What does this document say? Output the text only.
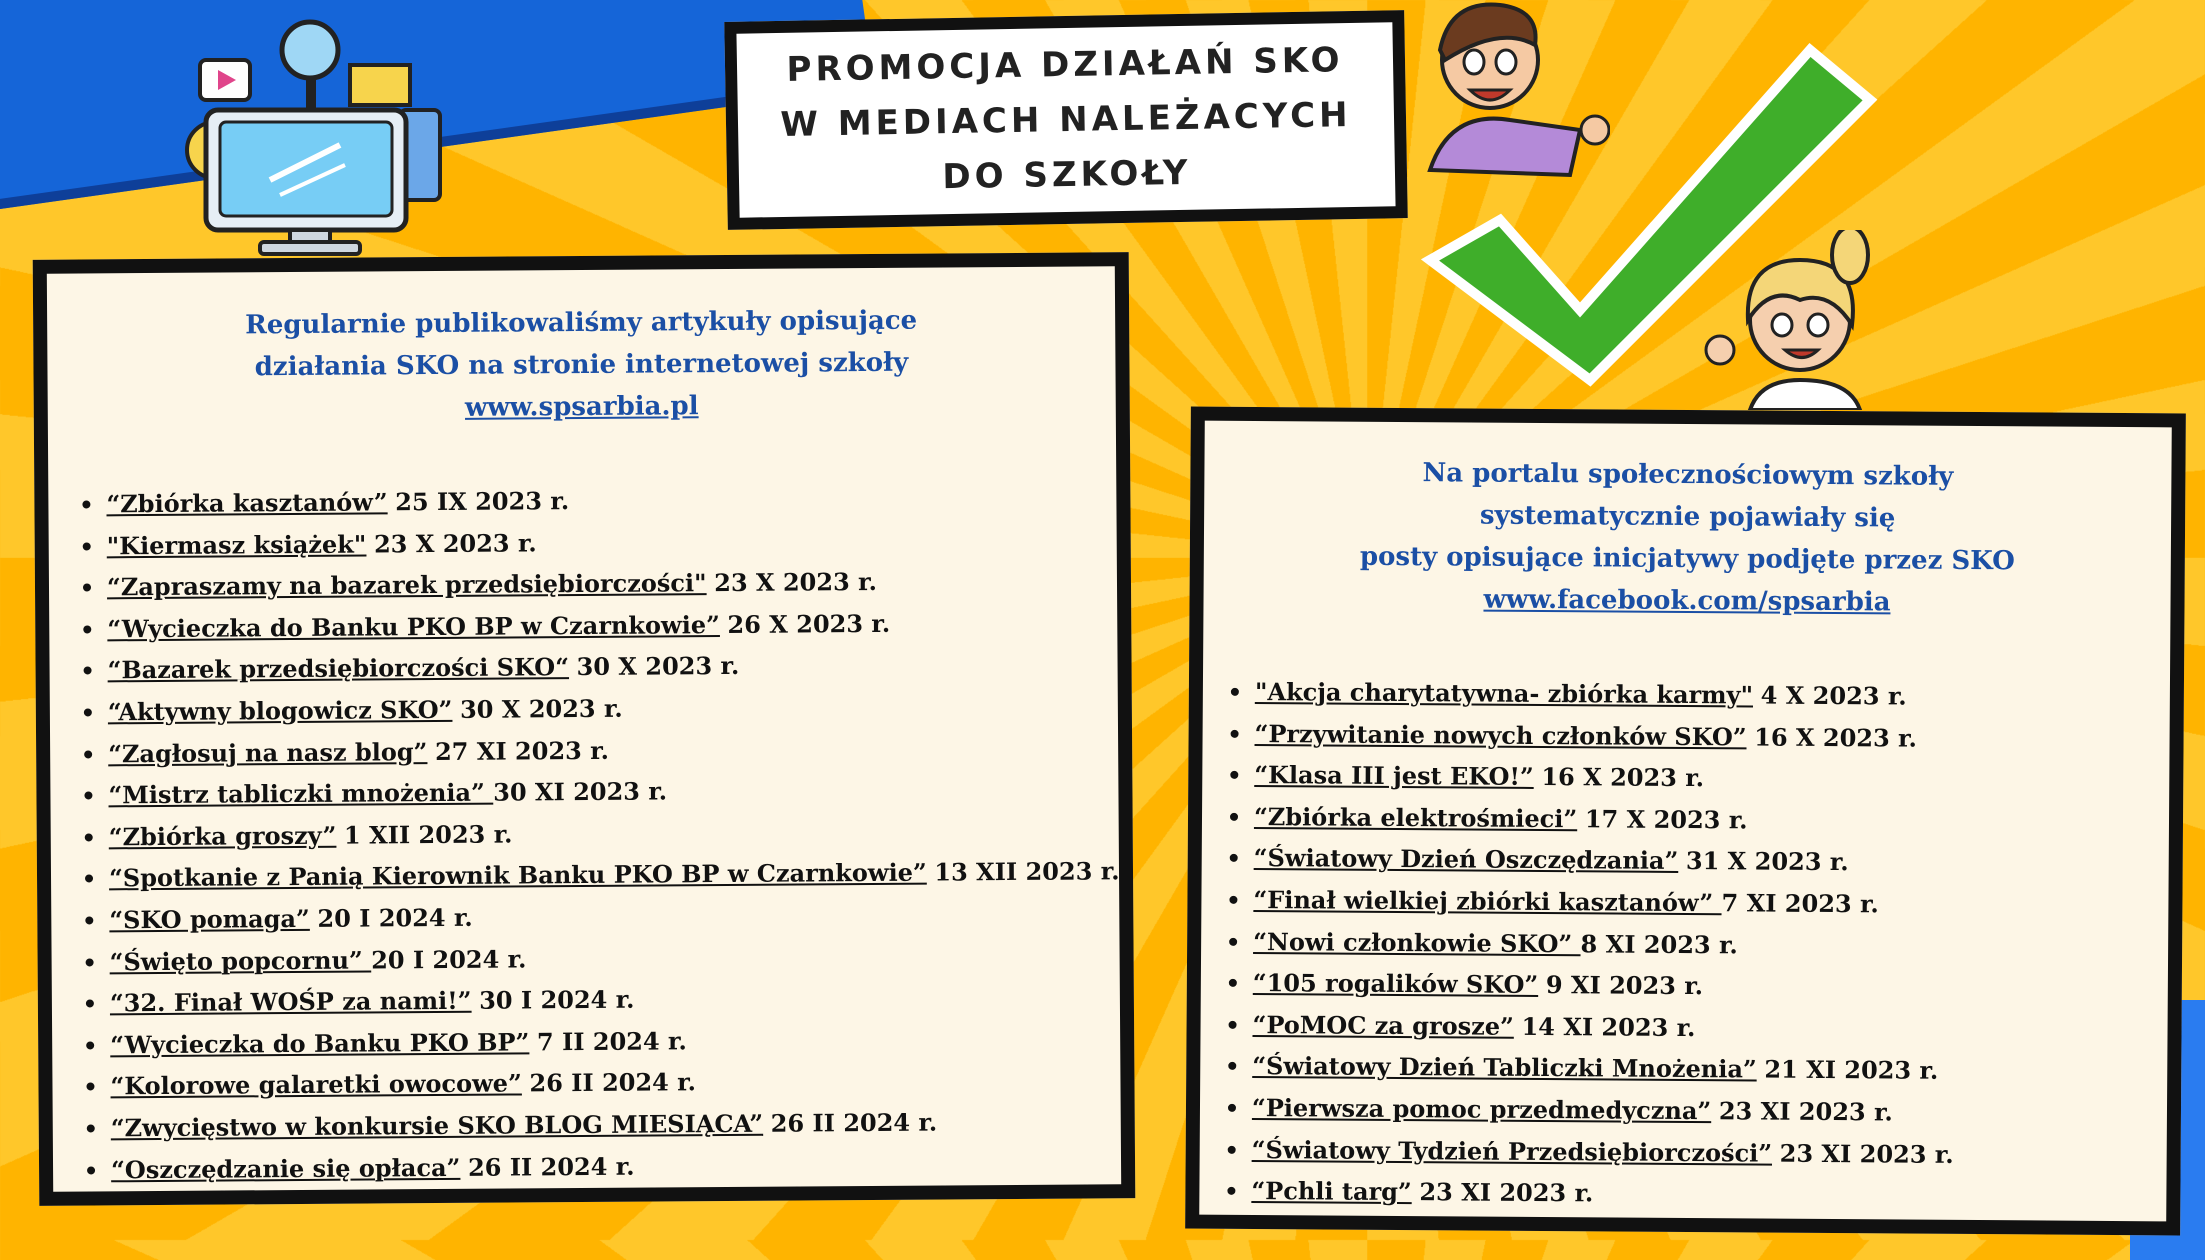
PROMOCJA DZIAŁAŃ SKO
W MEDIACH NALEŻACYCH
DO SZKOŁY
Regularnie publikowaliśmy artykuły opisujące
działania SKO na stronie internetowej szkoły
www.spsarbia.pl
“Zbiórka kasztanów” 25 IX 2023 r.
"Kiermasz książek" 23 X 2023 r.
“Zapraszamy na bazarek przedsiębiorczości" 23 X 2023 r.
“Wycieczka do Banku PKO BP w Czarnkowie” 26 X 2023 r.
“Bazarek przedsiębiorczości SKO“ 30 X 2023 r.
“Aktywny blogowicz SKO” 30 X 2023 r.
“Zagłosuj na nasz blog” 27 XI 2023 r.
“Mistrz tabliczki mnożenia” 30 XI 2023 r.
“Zbiórka groszy” 1 XII 2023 r.
“Spotkanie z Panią Kierownik Banku PKO BP w Czarnkowie” 13 XII 2023 r.
“SKO pomaga” 20 I 2024 r.
“Święto popcornu” 20 I 2024 r.
“32. Finał WOŚP za nami!” 30 I 2024 r.
“Wycieczka do Banku PKO BP” 7 II 2024 r.
“Kolorowe galaretki owocowe” 26 II 2024 r.
“Zwycięstwo w konkursie SKO BLOG MIESIĄCA” 26 II 2024 r.
“Oszczędzanie się opłaca” 26 II 2024 r.
Na portalu społecznościowym szkoły
systematycznie pojawiały się
posty opisujące inicjatywy podjęte przez SKO
www.facebook.com/spsarbia
"Akcja charytatywna- zbiórka karmy" 4 X 2023 r.
“Przywitanie nowych członków SKO” 16 X 2023 r.
“Klasa III jest EKO!” 16 X 2023 r.
“Zbiórka elektrośmieci” 17 X 2023 r.
“Światowy Dzień Oszczędzania” 31 X 2023 r.
“Finał wielkiej zbiórki kasztanów” 7 XI 2023 r.
“Nowi członkowie SKO” 8 XI 2023 r.
“105 rogalików SKO” 9 XI 2023 r.
“PoMOC za grosze” 14 XI 2023 r.
“Światowy Dzień Tabliczki Mnożenia” 21 XI 2023 r.
“Pierwsza pomoc przedmedyczna” 23 XI 2023 r.
“Światowy Tydzień Przedsiębiorczości” 23 XI 2023 r.
“Pchli targ” 23 XI 2023 r.
